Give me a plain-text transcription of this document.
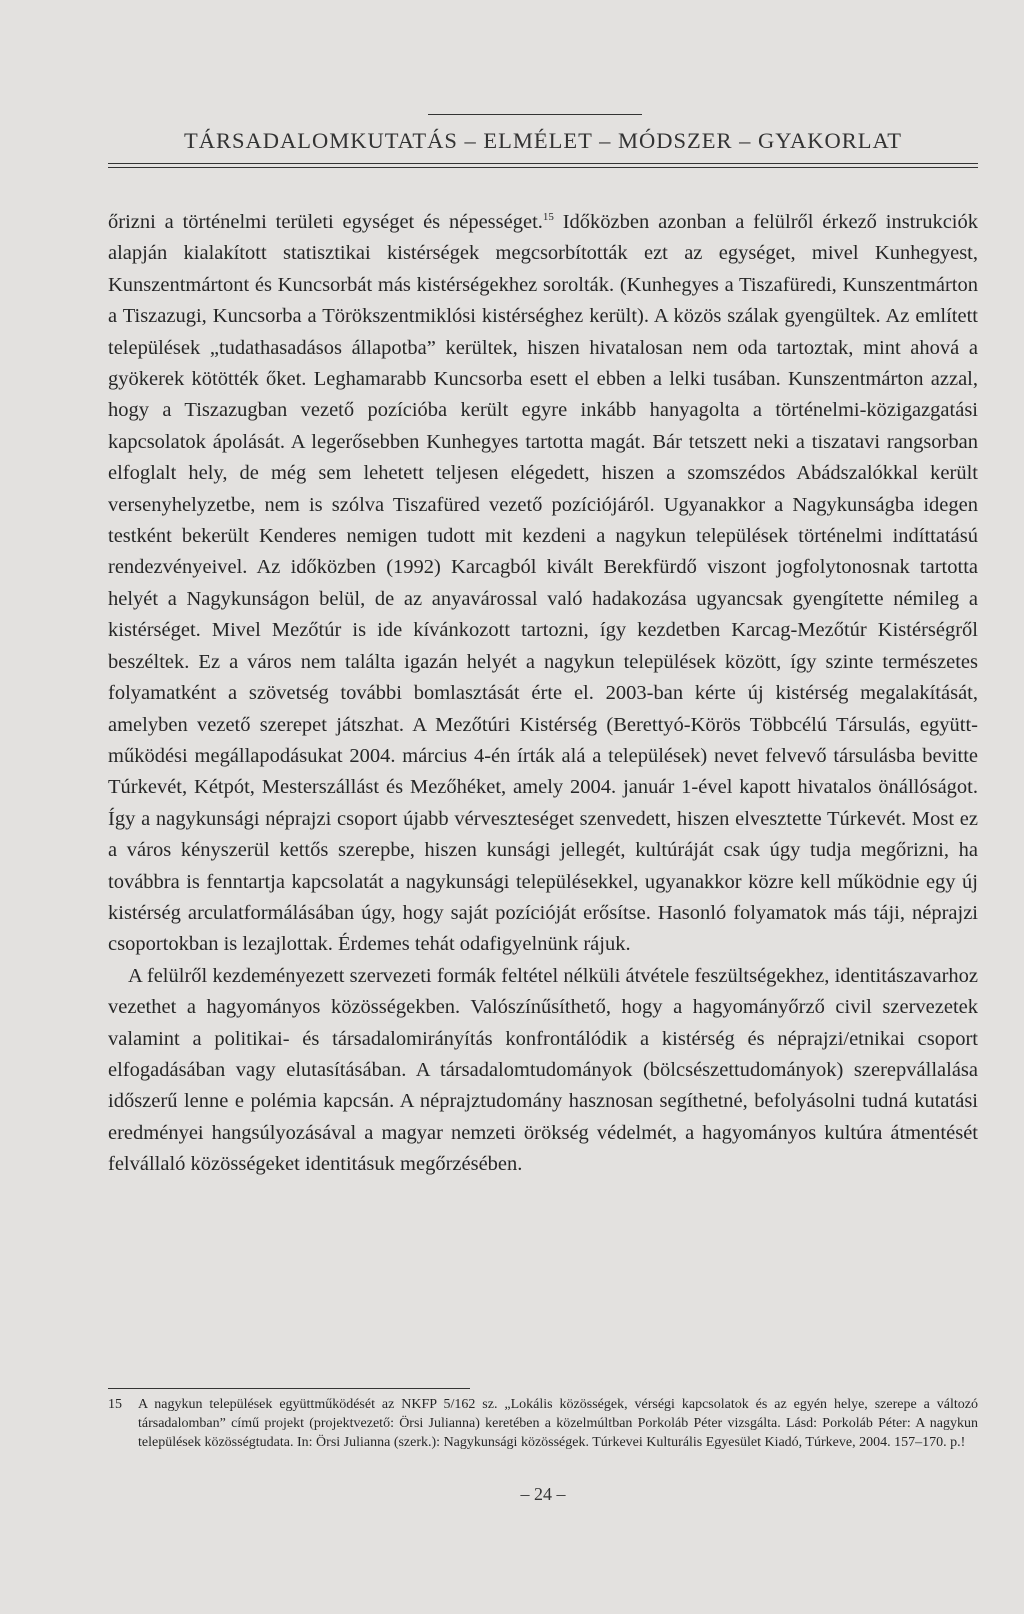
TÁRSADALOMKUTATÁS – ELMÉLET – MÓDSZER – GYAKORLAT

őrizni a történelmi területi egységet és népességet.$^{15}$ Időközben azonban a felülről érkező instrukciók alapján kialakított statisztikai kistérségek megcsorbították ezt az egységet, mivel Kunhegyest, Kunszentmártont és Kuncsorbát más kistérségekhez sorolták. (Kunhegyes a Tiszafüredi, Kunszentmárton a Tiszazugi, Kuncsorba a Törökszentmiklósi kistérséghez került). A közös szálak gyengültek. Az említett települések „tudathasadásos állapotba” kerültek, hiszen hivatalosan nem oda tartoztak, mint ahová a gyökerek kötötték őket. Leghamarabb Kuncsorba esett el ebben a lelki tusában. Kunszentmárton azzal, hogy a Tiszazugban vezető pozícióba került egyre inkább hanyagolta a történelmi-közigazgatási kapcsolatok ápolását. A legerősebben Kunhegyes tartotta magát. Bár tetszett neki a tiszatavi rangsorban elfoglalt hely, de még sem lehetett teljesen elégedett, hiszen a szomszédos Abádszalókkal került versenyhelyzetbe, nem is szólva Tiszafüred vezető pozíciójáról. Ugyanakkor a Nagykunságba idegen testként bekerült Kenderes nemigen tudott mit kezdeni a nagykun települések történelmi indíttatású rendezvényeivel. Az időközben (1992) Karcagból kivált Berekfürdő viszont jogfolytonosnak tartotta helyét a Nagykunságon belül, de az anyavárossal való hadakozása ugyancsak gyengítette némileg a kistérséget. Mivel Mezőtúr is ide kívánkozott tartozni, így kezdetben Karcag-Mezőtúr Kistérségről beszéltek. Ez a város nem találta igazán helyét a nagykun települések között, így szinte természetes folyamatként a szövetség további bomlasztását érte el. 2003-ban kérte új kistérség megalakítását, amelyben vezető szerepet játszhat. A Mezőtúri Kistérség (Berettyó-Körös Többcélú Társulás, együttműködési megállapodásukat 2004. március 4-én írták alá a települések) nevet felvevő társulásba bevitte Túrkevét, Kétpót, Mesterszállást és Mezőhéket, amely 2004. január 1-ével kapott hivatalos önállóságot. Így a nagykunsági néprajzi csoport újabb vérveszteséget szenvedett, hiszen elvesztette Túrkevét. Most ez a város kényszerül kettős szerepbe, hiszen kunsági jellegét, kultúráját csak úgy tudja megőrizni, ha továbbra is fenntartja kapcsolatát a nagykunsági településekkel, ugyanakkor közre kell működnie egy új kistérség arculatformálásában úgy, hogy saját pozícióját erősítse. Hasonló folyamatok más táji, néprajzi csoportokban is lezajlottak. Érdemes tehát odafigyelnünk rájuk.

A felülről kezdeményezett szervezeti formák feltétel nélküli átvétele feszültségekhez, identitászavarhoz vezethet a hagyományos közösségekben. Valószínűsíthető, hogy a hagyományőrző civil szervezetek valamint a politikai- és társadalomirányítás konfrontálódik a kistérség és néprajzi/etnikai csoport elfogadásában vagy elutasításában. A társadalomtudományok (bölcsészettudományok) szerepvállalása időszerű lenne e polémia kapcsán. A néprajztudomány hasznosan segíthetné, befolyásolni tudná kutatási eredményei hangsúlyozásával a magyar nemzeti örökség védelmét, a hagyományos kultúra átmentését felvállaló közösségeket identitásuk megőrzésében.

15	A nagykun települések együttműködését az NKFP 5/162 sz. „Lokális közösségek, vérségi kapcsolatok és az egyén helye, szerepe a változó társadalomban” című projekt (projektvezető: Örsi Julianna) keretében a közelmúltban Porkoláb Péter vizsgálta. Lásd: Porkoláb Péter: A nagykun települések közösségtudata. In: Örsi Julianna (szerk.): Nagykunsági közösségek. Túrkevei Kulturális Egyesület Kiadó, Túrkeve, 2004. 157–170. p.!
– 24 –
